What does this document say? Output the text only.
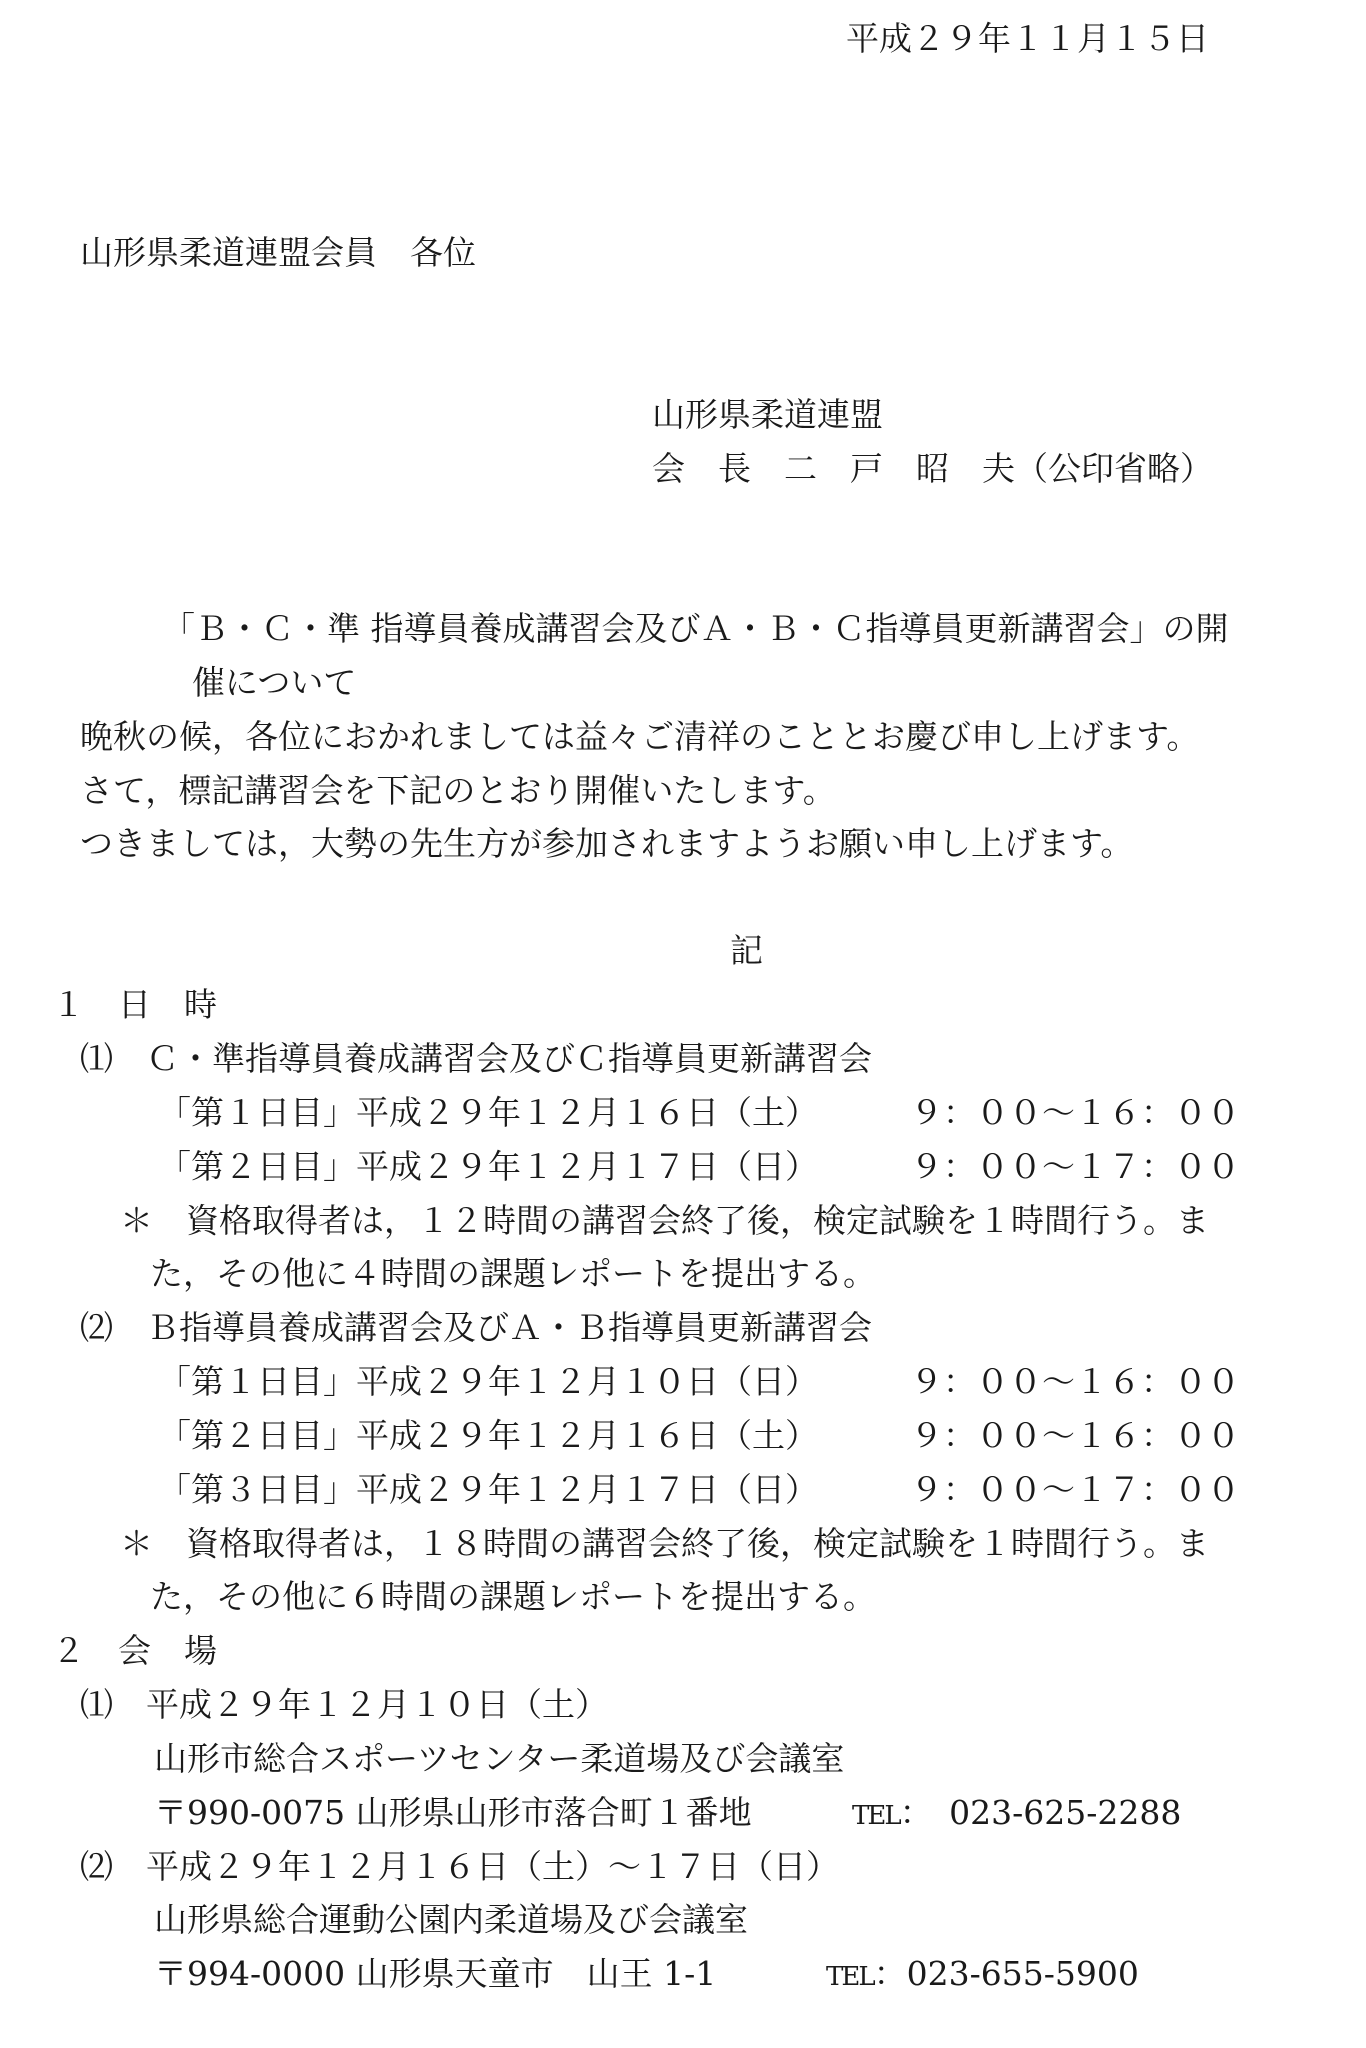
平成２９年１１月１５日
山形県柔道連盟会員　各位
山形県柔道連盟
会　長　二　戸　昭　夫（公印省略）
「Ｂ・Ｃ・準 指導員養成講習会及びＡ・Ｂ・Ｃ指導員更新講習会」の開
催について
晩秋の候，各位におかれましては益々ご清祥のこととお慶び申し上げます。
さて，標記講習会を下記のとおり開催いたします。
つきましては，大勢の先生方が参加されますようお願い申し上げます。
記
１　日　時
⑴　Ｃ・準指導員養成講習会及びＣ指導員更新講習会
「第１日目」平成２９年１２月１６日（土）	９：００～１６：００
「第２日目」平成２９年１２月１７日（日）	９：００～１７：００
＊　資格取得者は，１２時間の講習会終了後，検定試験を１時間行う。ま
た，その他に４時間の課題レポートを提出する。
⑵　Ｂ指導員養成講習会及びＡ・Ｂ指導員更新講習会
「第１日目」平成２９年１２月１０日（日）	９：００～１６：００
「第２日目」平成２９年１２月１６日（土）	９：００～１６：００
「第３日目」平成２９年１２月１７日（日）	９：００～１７：００
＊　資格取得者は，１８時間の講習会終了後，検定試験を１時間行う。ま
た，その他に６時間の課題レポートを提出する。
２　会　場
⑴　平成２９年１２月１０日（土）
山形市総合スポーツセンター柔道場及び会議室
〒990-0075 山形県山形市落合町１番地	TEL：　023-625-2288
⑵　平成２９年１２月１６日（土）～１７日（日）
山形県総合運動公園内柔道場及び会議室
〒994-0000 山形県天童市　山王 1-1	TEL：023-655-5900
